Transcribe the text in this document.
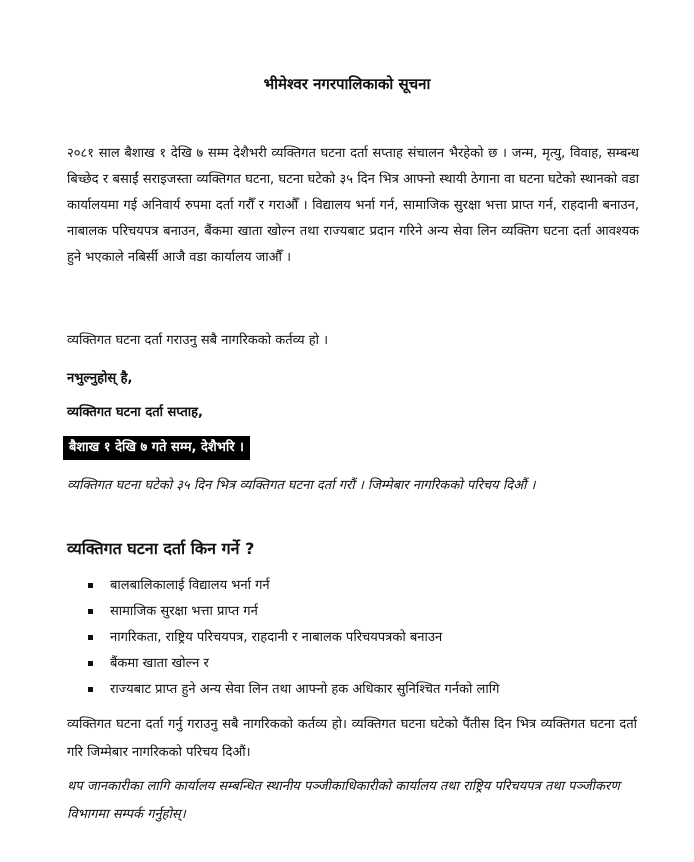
भीमेश्वर नगरपालिकाको सूचना

२०८१ साल बैशाख १ देखि ७ सम्म देशैभरी व्यक्तिगत घटना दर्ता सप्ताह संचालन भैरहेको छ । जन्म, मृत्यु, विवाह, सम्बन्ध बिच्छेद र बसाईं सराइजस्ता व्यक्तिगत घटना, घटना घटेको ३५ दिन भित्र आफ्नो स्थायी ठेगाना वा घटना घटेको स्थानको वडा कार्यालयमा गई अनिवार्य रुपमा दर्ता गरौँ र गराऔँ । विद्यालय भर्ना गर्न, सामाजिक सुरक्षा भत्ता प्राप्त गर्न, राहदानी बनाउन, नाबालक परिचयपत्र बनाउन, बैंकमा खाता खोल्न तथा राज्यबाट प्रदान गरिने अन्य सेवा लिन व्यक्तिग घटना दर्ता आवश्यक हुने भएकाले नबिर्सी आजै वडा कार्यालय जाऔँ ।

व्यक्तिगत घटना दर्ता गराउनु सबै नागरिकको कर्तव्य हो ।

नभुल्नुहोस् है,

व्यक्तिगत घटना दर्ता सप्ताह,

बैशाख १ देखि ७ गते सम्म, देशैभरि ।

व्यक्तिगत घटना घटेको ३५ दिन भित्र व्यक्तिगत घटना दर्ता गरौं । जिम्मेबार नागरिकको परिचय दिऔं ।

व्यक्तिगत घटना दर्ता किन गर्ने ?
बालबालिकालाई विद्यालय भर्ना गर्न
सामाजिक सुरक्षा भत्ता प्राप्त गर्न
नागरिकता, राष्ट्रिय परिचयपत्र, राहदानी र नाबालक परिचयपत्रको बनाउन
बैंकमा खाता खोल्न र
राज्यबाट प्राप्त हुने अन्य सेवा लिन तथा आफ्नो हक अधिकार सुनिश्चित गर्नको लागि

व्यक्तिगत घटना दर्ता गर्नु गराउनु सबै नागरिकको कर्तव्य हो। व्यक्तिगत घटना घटेको पैंतीस दिन भित्र व्यक्तिगत घटना दर्ता गरि जिम्मेबार नागरिकको परिचय दिऔं।

थप जानकारीका लागि कार्यालय सम्बन्धित स्थानीय पञ्जीकाधिकारीको कार्यालय तथा राष्ट्रिय परिचयपत्र तथा पञ्जीकरण विभागमा सम्पर्क गर्नुहोस्।
